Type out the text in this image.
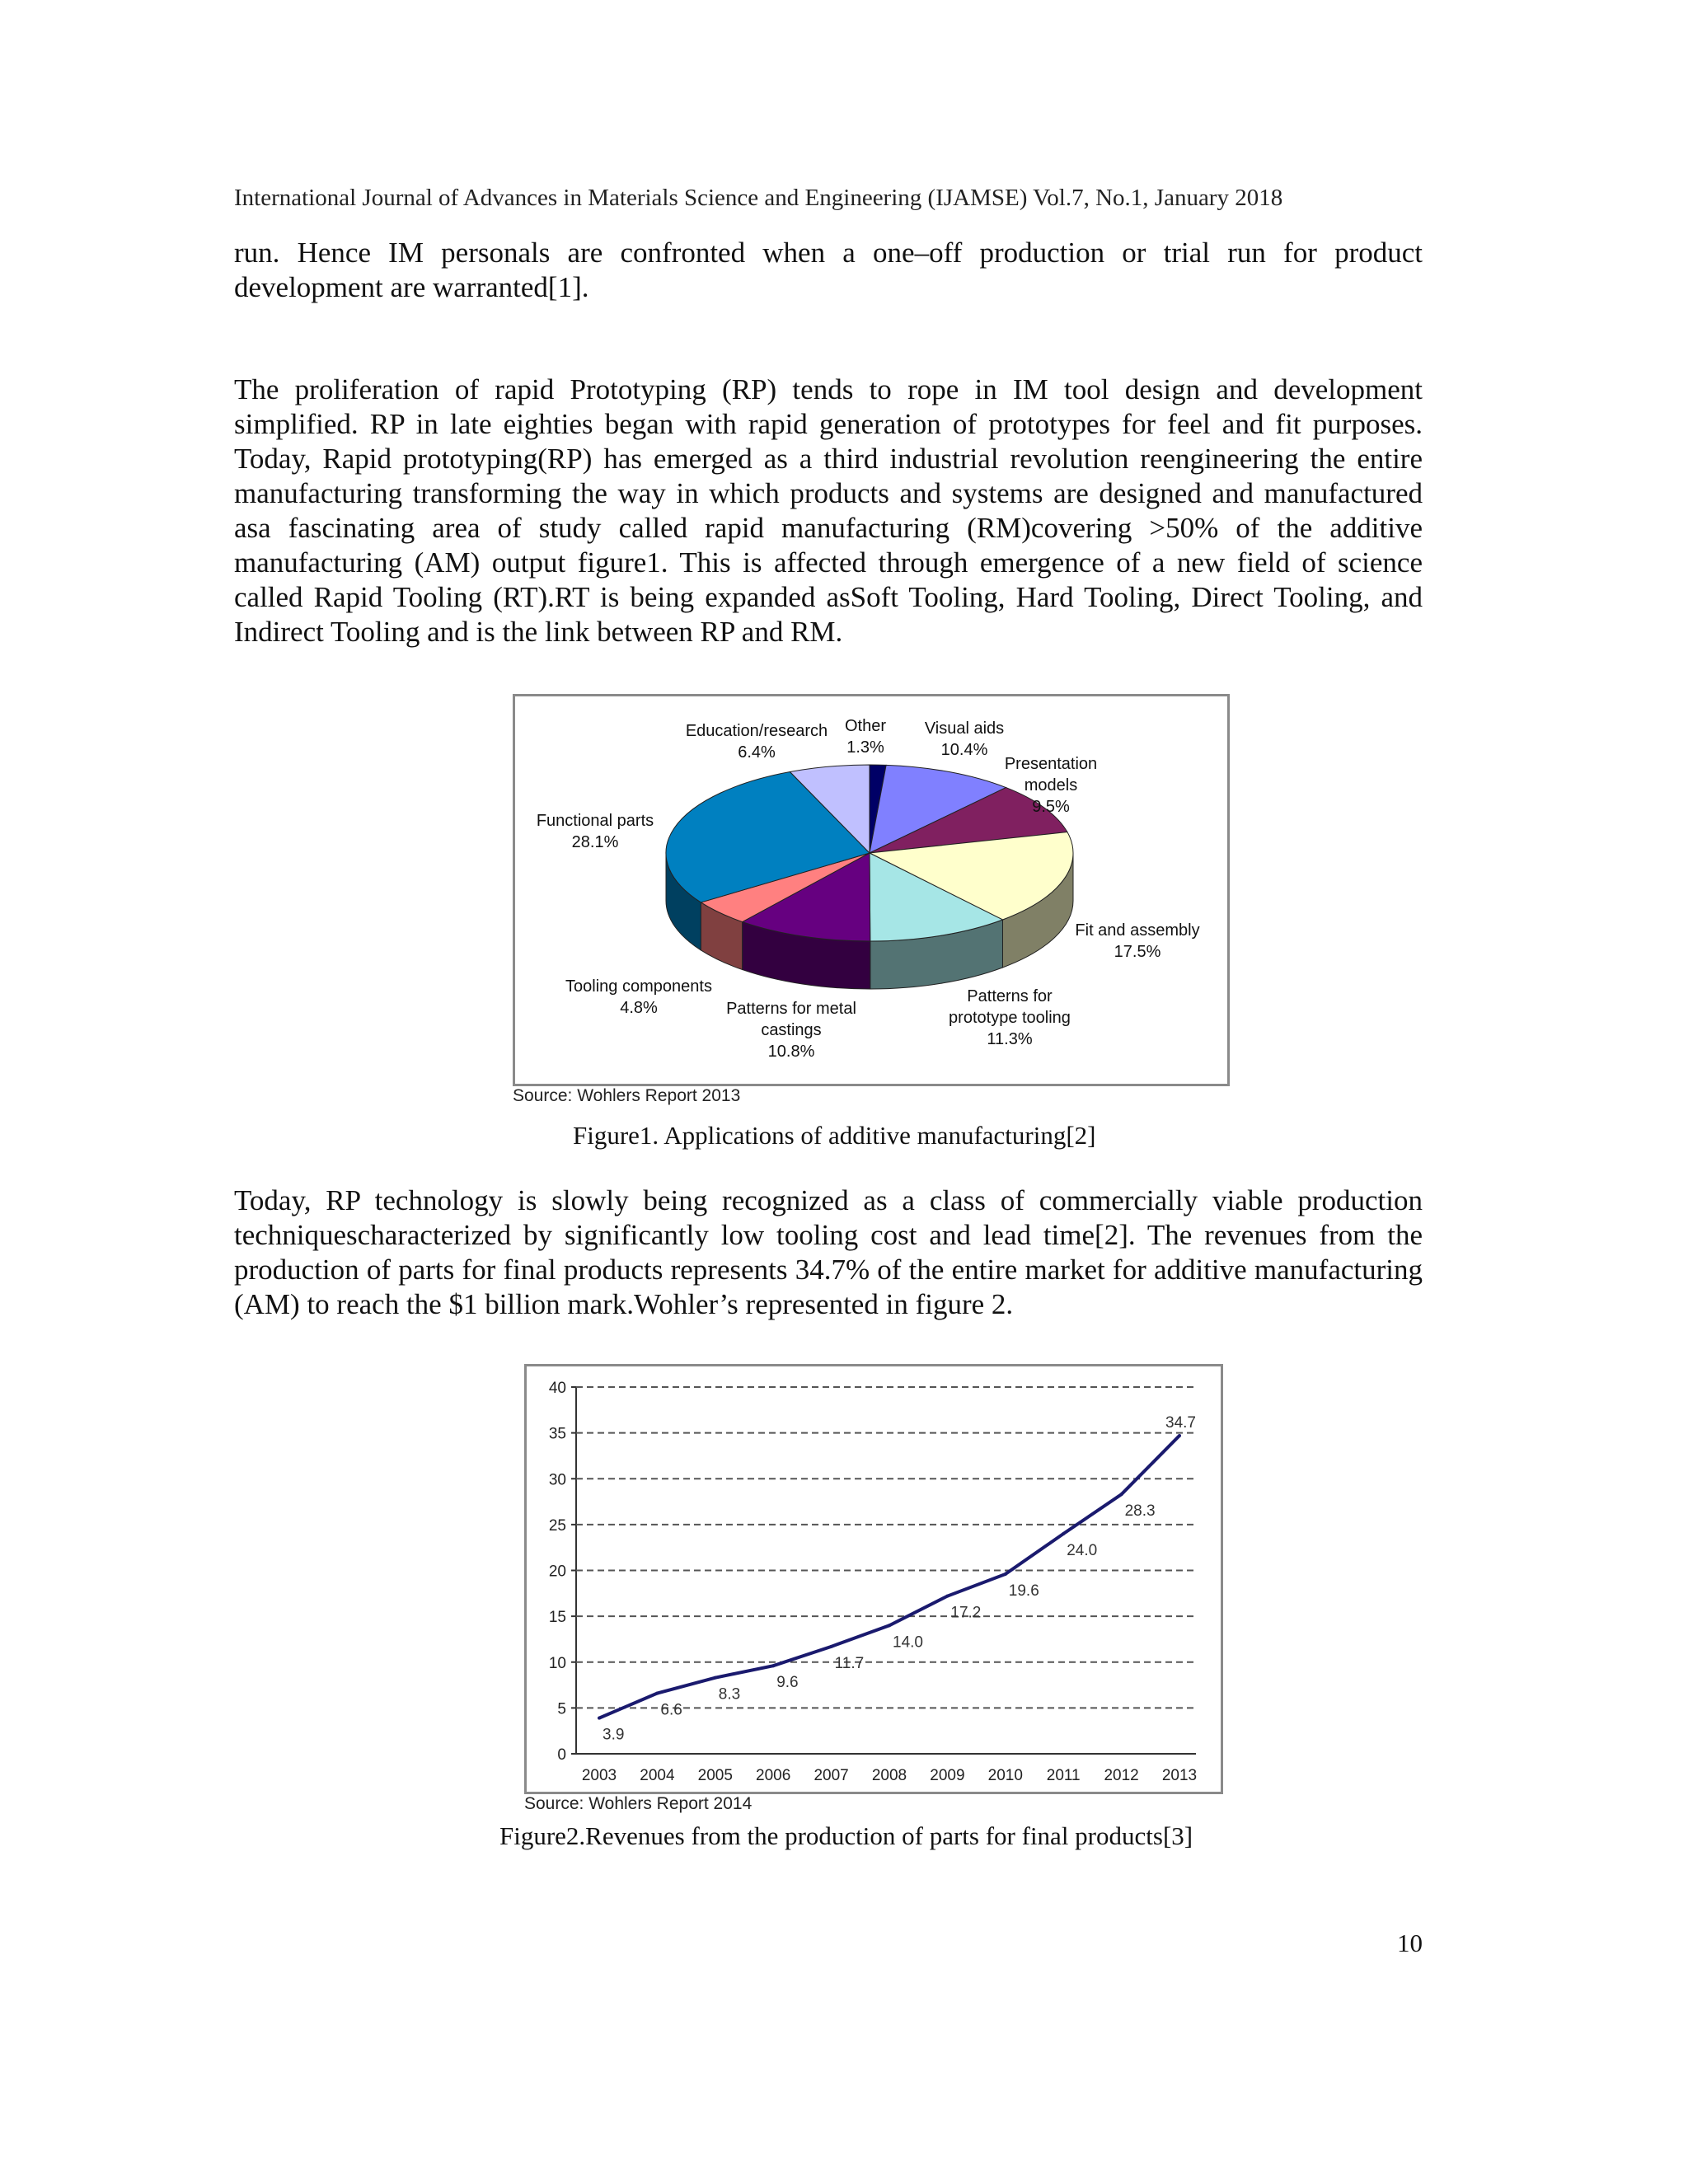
International Journal of Advances in Materials Science and Engineering (IJAMSE) Vol.7, No.1, January 2018

run. Hence IM personals are confronted when a one–off production or trial run for product development are warranted[1].

The proliferation of rapid Prototyping (RP) tends to rope in IM tool design and development simplified. RP in late eighties began with rapid generation of prototypes for feel and fit purposes. Today, Rapid prototyping(RP) has emerged as a third industrial revolution reengineering the entire manufacturing transforming the way in which products and systems are designed and manufactured asa fascinating area of study called rapid manufacturing (RM)covering >50% of the additive manufacturing (AM) output figure1. This is affected through emergence of a new field of science called Rapid Tooling (RT).RT is being expanded asSoft Tooling, Hard Tooling, Direct Tooling, and Indirect Tooling and is the link between RP and RM.

Other 1.3%
Visual aids 10.4%
Presentation models 9.5%
Fit and assembly 17.5%
Patterns for prototype tooling 11.3%
Patterns for metal castings 10.8%
Tooling components 4.8%
Functional parts 28.1%
Education/research 6.4%
Source: Wohlers Report 2013
Figure1. Applications of additive manufacturing[2]

Today, RP technology is slowly being recognized as a class of commercially viable production techniquescharacterized by significantly low tooling cost and lead time[2]. The revenues from the production of parts for final products represents 34.7% of the entire market for additive manufacturing (AM) to reach the $1 billion mark.Wohler’s represented in figure 2.

0
5
10
15
20
25
30
35
40
2003 2004 2005 2006 2007 2008 2009 2010 2011 2012 2013
3.9
6.6
8.3
9.6
11.7
14.0
17.2
19.6
24.0
28.3
34.7
Source: Wohlers Report 2014
Figure2.Revenues from the production of parts for final products[3]
10
